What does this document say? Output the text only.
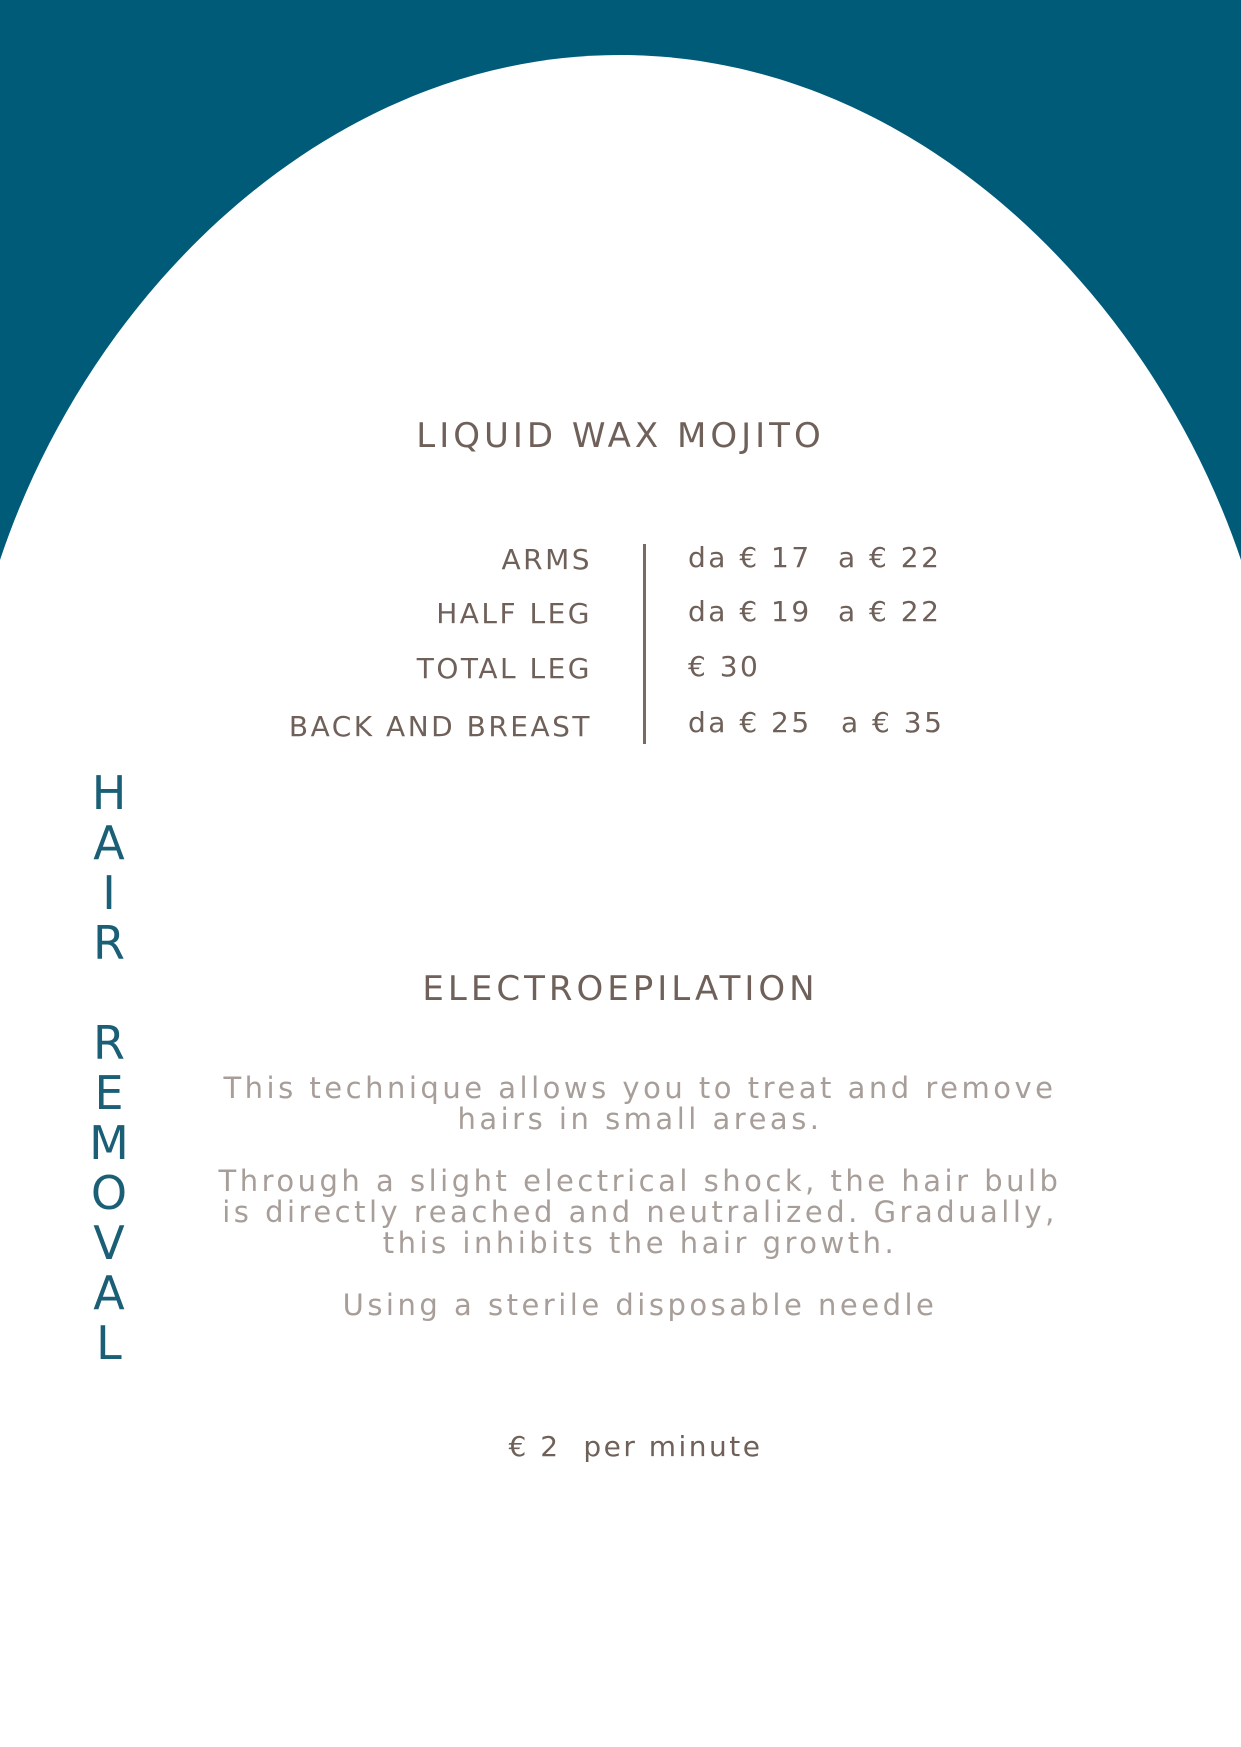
H
A
I
R

R
E
M
O
V
A
L
LIQUID WAX MOJITO
ARMS
HALF LEG
TOTAL LEG
BACK AND BREAST
da € 17 a € 22
da € 19 a € 22
€ 30
da € 25 a € 35
ELECTROEPILATION

This technique allows you to treat and remove hairs in small areas.

Through a slight electrical shock, the hair bulb is directly reached and neutralized. Gradually, this inhibits the hair growth.

Using a sterile disposable needle

€ 2  per minute
